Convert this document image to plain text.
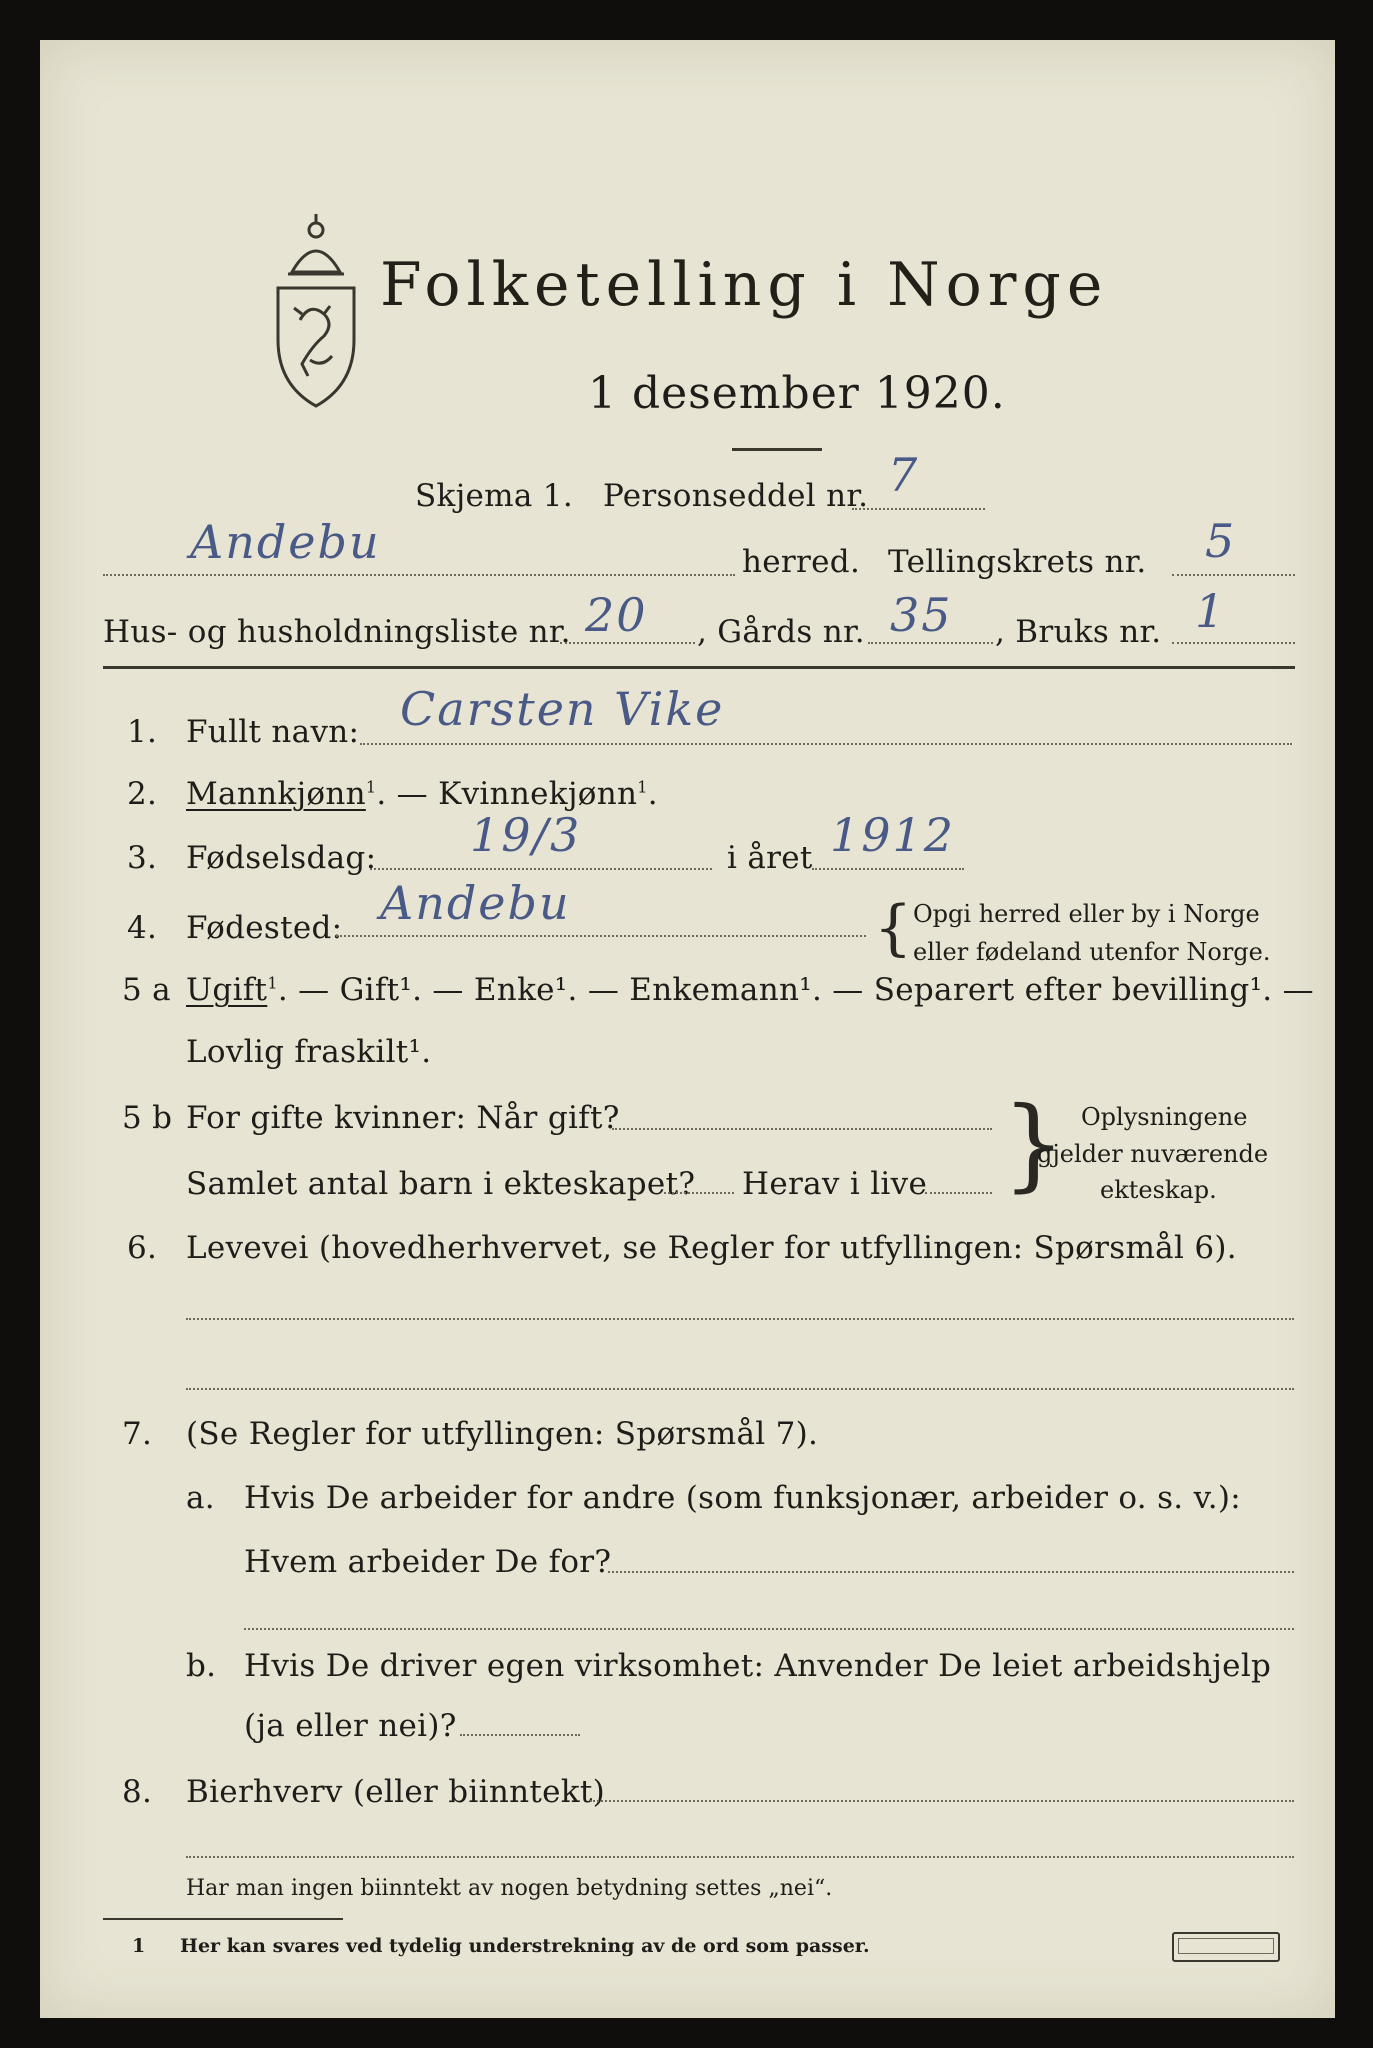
Folketelling i Norge
1 desember 1920.
Skjema 1. Personseddel nr. 7
Andebu	herred. Tellingskrets nr. 5
Hus- og husholdningsliste nr. 20 , Gårds nr. 35 , Bruks nr. 1
1. Fullt navn: Carsten Vike
2. Mannkjønn$^1$. — Kvinnekjønn$^1$.
3. Fødselsdag: 19/3	i året 1912
4. Fødested: Andebu	{ Opgi herred eller by i Norge
eller fødeland utenfor Norge.
5 a Ugift$^1$. — Gift¹. — Enke¹. — Enkemann¹. — Separert efter bevilling¹. —
Lovlig fraskilt¹.
5 b For gifte kvinner: Når gift?
Samlet antal barn i ekteskapet? Herav i live } Oplysningene
gjelder nuværende
ekteskap.
6. Levevei (hovedherhvervet, se Regler for utfyllingen: Spørsmål 6).
7. (Se Regler for utfyllingen: Spørsmål 7).
a. Hvis De arbeider for andre (som funksjonær, arbeider o. s. v.):
Hvem arbeider De for?
b. Hvis De driver egen virksomhet: Anvender De leiet arbeidshjelp
(ja eller nei)?
8. Bierhverv (eller biinntekt)
Har man ingen biinntekt av nogen betydning settes „nei“.
1 Her kan svares ved tydelig understrekning av de ord som passer.
